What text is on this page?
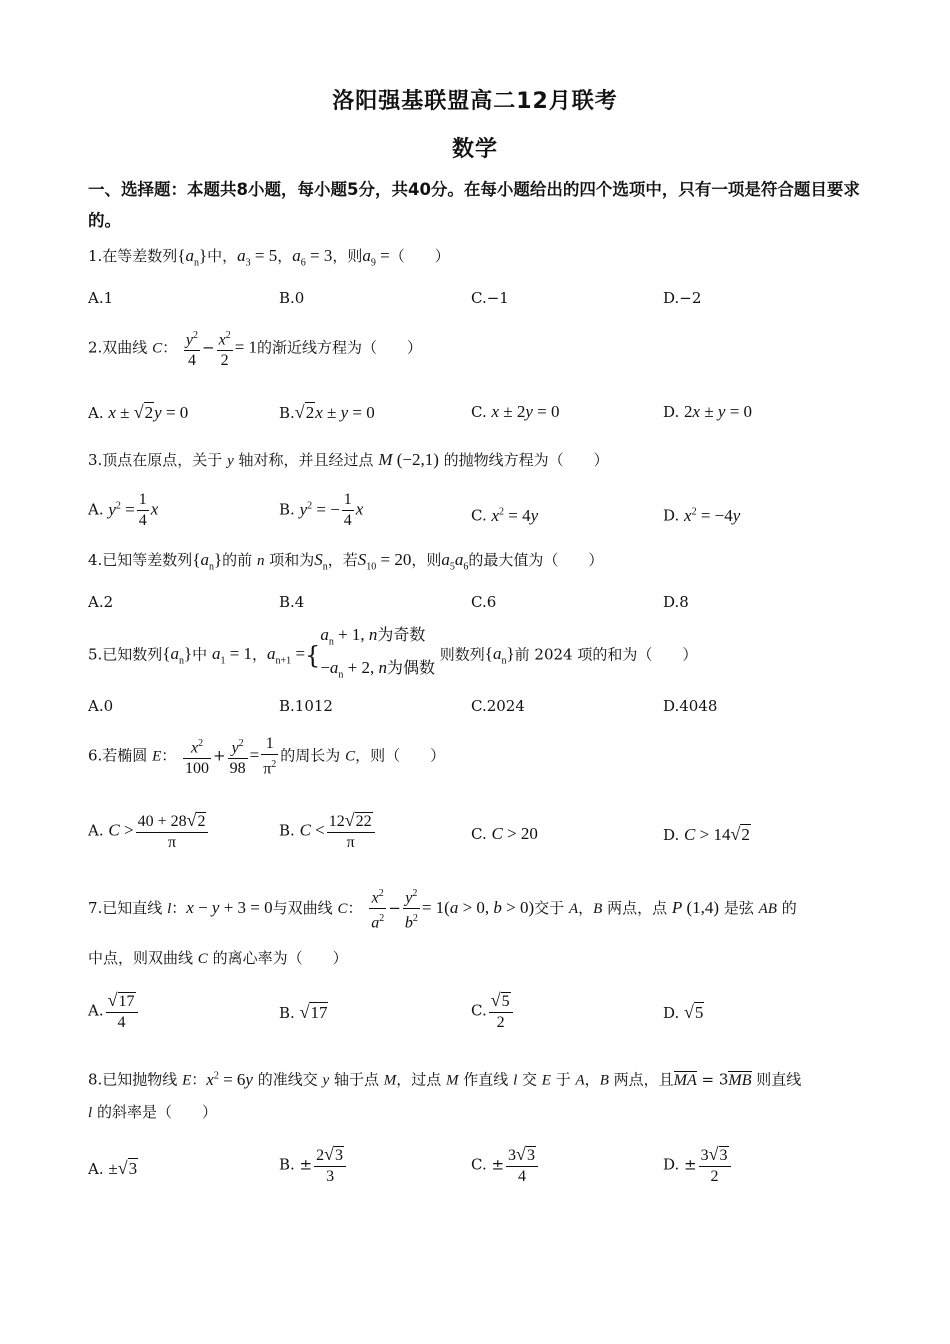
洛阳强基联盟高二12月联考
数学
一、选择题：本题共8小题，每小题5分，共40分。在每小题给出的四个选项中，只有一项是符合题目要求的。
1.在等差数列$\{a_n\}$中，$a_3 = 5$，$a_6 = 3$，则$a_9$ =（　　）
A.1	B.0	C.−1	D.−2
2.双曲线 C： $\frac{y^2}{4} - \frac{x^2}{2} = 1$的渐近线方程为（　　）
A. x ± √2y = 0	B.√2x ± y = 0	C. x ± 2y = 0	D. 2x ± y = 0
3.顶点在原点，关于 y 轴对称，并且经过点 M (−2,1) 的抛物线方程为（　　）
A. $y^2 = \frac{1}{4}$ x	B. $y^2$ = − $\frac{1}{4}$ x	C. $x^2 = 4y$	D. $x^2 = -4y$
4.已知等差数列$\{a_n\}$的前 n 项和为$S_n$，若$S_{10} = 20$，则$a_5a_6$的最大值为（　　）
A.2	B.4	C.6	D.8
5.已知数列$\{a_n\}$中 $a_1 = 1$，$a_{n+1} =\{a_n + 1$, n为奇数
$-a_n + 2$, n为偶数 则数列$\{a_n\}$前 2024 项的和为（　　）
A.0	B.1012	C.2024	D.4048
6.若椭圆 E： $\frac{x^2}{100} + \frac{y^2}{98} = \frac{1}{\pi^2}$ 的周长为 C，则（　　）
A. $C > \frac{40 + 28√2}{\pi}$	B. $C < \frac{12√22}{\pi}$	C. C > 20	D. C > 14√2
7.已知直线 l：x − y + 3 = 0与双曲线 C： $\frac{x^2}{a^2} - \frac{y^2}{b^2} = 1(a > 0$, b > 0)交于 A，B 两点，点 P (1,4) 是弦 AB 的
中点，则双曲线 C 的离心率为（　　）
A. $\frac{√17}{4}$	B. √17	C. $\frac{√5}{2}$	D. √5
8.已知抛物线 E：$x^2 = 6y$ 的准线交 y 轴于点 M，过点 M 作直线 l 交 E 于 A，B 两点，且MA = 3MB 则直线
l 的斜率是（　　）
A. ±√3	B. ± $\frac{2√3}{3}$	C. ± $\frac{3√3}{4}$	D. ± $\frac{3√3}{2}$
